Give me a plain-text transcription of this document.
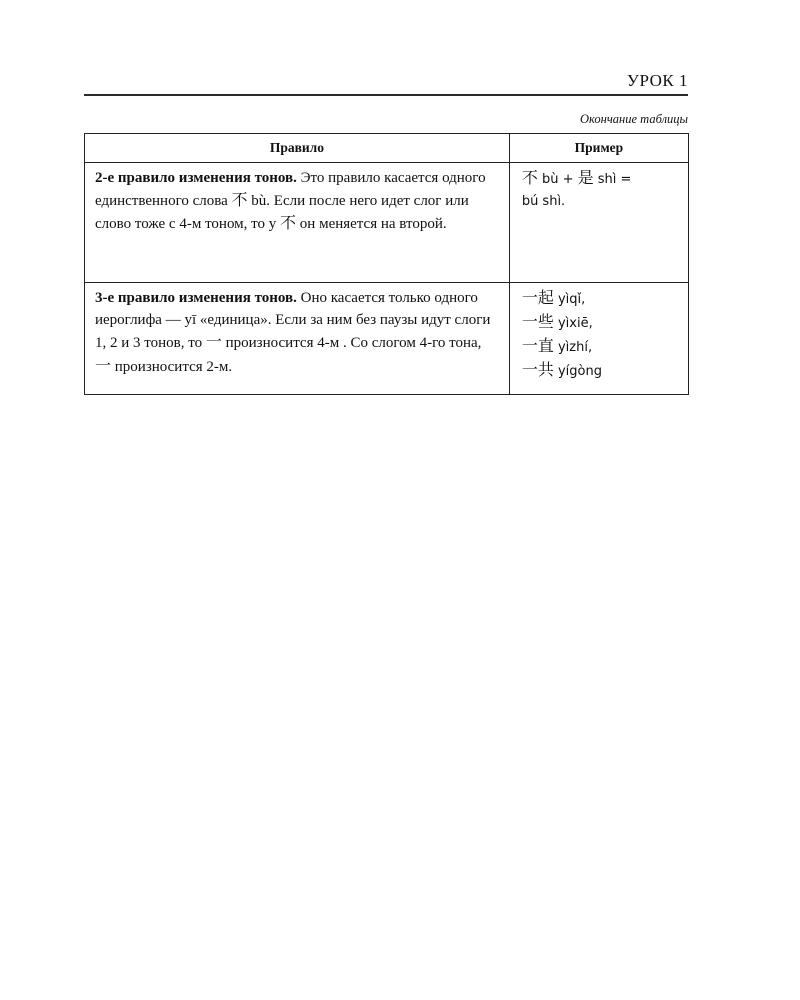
УРОК 1
Окончание таблицы
Правило	Пример
2-е правило изменения тонов. Это правило касается одного единственного слова 不 bù. Если после него идет слог или слово тоже с 4-м тоном, то у 不 он меняется на второй.	不 bù + 是 shì =
bú shì.

3-е правило изменения тонов. Оно касается только одного иероглифа — yī «единица». Если за ним без паузы идут слоги 1, 2 и 3 тонов, то 一 произносится 4-м . Со слогом 4-го тона, 一 произносится 2-м.	一起 yìqǐ,
一些 yìxiē,
一直 yìzhí,
一共 yígòng
